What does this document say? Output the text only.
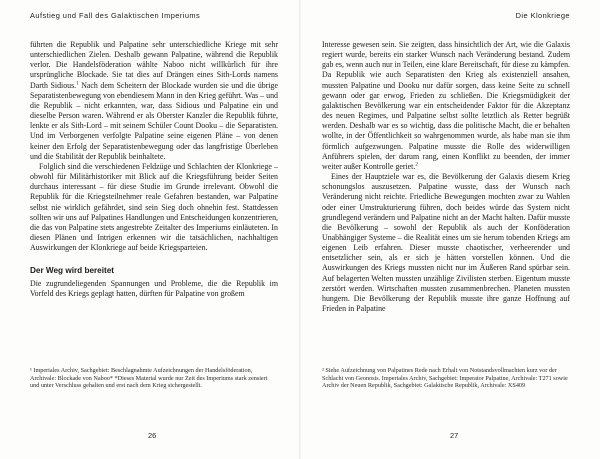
Aufstieg und Fall des Galaktischen Imperiums

führten die Republik und Palpatine sehr unterschiedliche Kriege mit sehr unterschiedlichen Zielen. Deshalb gewann Palpatine, während die Republik verlor. Die Handelsföderation wählte Naboo nicht willkürlich für ihre ursprüngliche Blockade. Sie tat dies auf Drängen eines Sith-Lords namens Darth Sidious.$^1$ Nach dem Scheitern der Blockade wurden sie und die übrige Separatistenbewegung von ebendiesem Mann in den Krieg geführt. Was – und die Republik – nicht erkannten, war, dass Sidious und Palpatine ein und dieselbe Person waren. Während er als Oberster Kanzler die Republik führte, lenkte er als Sith-Lord – mit seinem Schüler Count Dooku – die Separatisten. Und im Verborgenen verfolgte Palpatine seine eigenen Pläne – von denen keiner den Erfolg der Separatistenbewegung oder das langfristige Überleben und die Stabilität der Republik beinhaltete.

Folglich sind die verschiedenen Feldzüge und Schlachten der Klonkriege – obwohl für Militärhistoriker mit Blick auf die Kriegsführung beider Seiten durchaus interessant – für diese Studie im Grunde irrelevant. Obwohl die Republik für die Kriegsteilnehmer reale Gefahren bestanden, war Palpatine selbst nie wirklich gefährdet, sind sein Sieg doch ohnehin fest. Stattdessen sollten wir uns auf Palpatines Handlungen und Entscheidungen konzentrieren, die das von Palpatine stets angestrebte Zeitalter des Imperiums einläuteten. In diesen Plänen und Intrigen erkennen wir die tatsächlichen, nachhaltigen Auswirkungen der Klonkriege auf beide Kriegsparteien.

Der Weg wird bereitet

Die zugrundeliegenden Spannungen und Probleme, die die Republik im Vorfeld des Kriegs geplagt hatten, dürften für Palpatine von großem

¹ Imperiales Archiv, Sachgebiet: Beschlagnahmte Aufzeichnungen der Handelsföderation, Archivale: Blockade von Naboo* *Dieses Material wurde nur Zeit des Imperiums stark zensiert und unter Verschluss gehalten und erst nach dem Krieg sichergestellt.

26
Die Klonkriege

Interesse gewesen sein. Sie zeigten, dass hinsichtlich der Art, wie die Galaxis regiert wurde, bereits ein starker Wunsch nach Veränderung bestand. Zudem gab es, wenn auch nur in Teilen, eine klare Bereitschaft, für diese zu kämpfen. Da Republik wie auch Separatisten den Krieg als existenziell ansahen, mussten Palpatine und Dooku nur dafür sorgen, dass keine Seite zu schnell gewann oder gar erwog, Frieden zu schließen. Die Kriegsmüdigkeit der galaktischen Bevölkerung war ein entscheidender Faktor für die Akzeptanz des neuen Regimes, und Palpatine selbst sollte letztlich als Retter begrüßt werden. Deshalb war es so wichtig, dass die politische Macht, die er behalten wollte, in der Öffentlichkeit so wahrgenommen wurde, als habe man sie ihm förmlich aufgezwungen. Palpatine musste die Rolle des widerwilligen Anführers spielen, der darum rang, einen Konflikt zu beenden, der immer weiter außer Kontrolle geriet.$^2$

Eines der Hauptziele war es, die Bevölkerung der Galaxis diesem Krieg schonungslos auszusetzen. Palpatine wusste, dass der Wunsch nach Veränderung nicht reichte. Friedliche Bewegungen mochten zwar zu Wahlen oder einer Umstrukturierung führen, doch beides würde das System nicht grundlegend verändern und Palpatine nicht an der Macht halten. Dafür musste die Bevölkerung – sowohl der Republik als auch der Konföderation Unabhängiger Systeme – die Realität eines um sie herum tobenden Kriegs am eigenen Leib erfahren. Dieser musste chaotischer, verheerender und entsetzlicher sein, als er sich je hätten vorstellen können. Und die Auswirkungen des Kriegs mussten nicht nur im Äußeren Rand spürbar sein. Auf belagerten Welten mussten unzählige Zivilisten sterben. Eigentum musste zerstört werden. Wirtschaften mussten zusammenbrechen. Planeten mussten hungern. Die Bevölkerung der Republik musste ihre ganze Hoffnung auf Frieden in Palpatine

² Siehe Aufzeichnung von Palpatines Rede nach Erhalt von Notstandsvollmachten kurz vor der Schlacht von Geonosis. Imperiales Archiv, Sachgebiet: Imperator Palpatine, Archivale: T271 sowie Archiv der Neuen Republik, Sachgebiet: Galaktische Republik, Archivale: XS409

27
